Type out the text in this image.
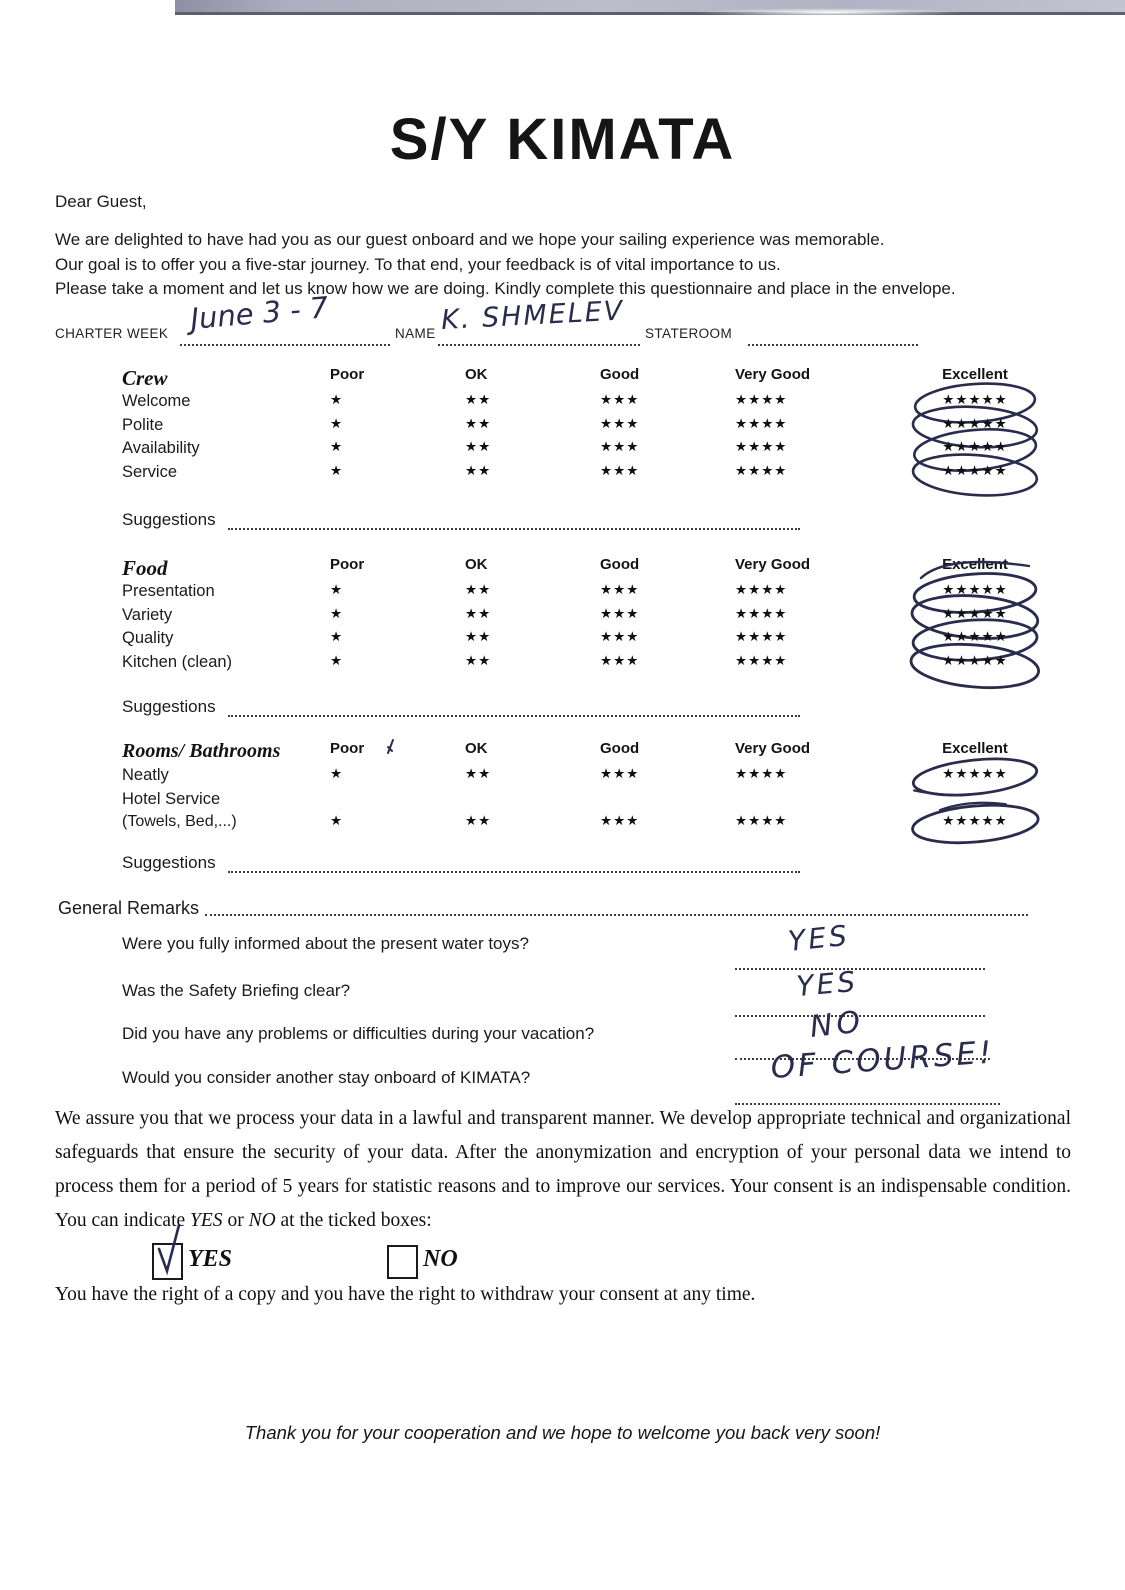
S/Y KIMATA
Dear Guest,
We are delighted to have had you as our guest onboard and we hope your sailing experience was memorable.
Our goal is to offer you a five-star journey. To that end, your feedback is of vital importance to us.
Please take a moment and let us know how we are doing. Kindly complete this questionnaire and place in the envelope.
CHARTER WEEK June 3 - 7	NAME K. SHMELEV STATEROOM
Crew	Poor	OK	Good	Very Good	Excellent
Welcome	★	★★	★★★	★★★★	★★★★★
Polite	★	★★	★★★	★★★★	★★★★★
Availability	★	★★	★★★	★★★★	★★★★★
Service	★	★★	★★★	★★★★	★★★★★
Suggestions
Food	Poor	OK	Good	Very Good	Excellent
Presentation	★	★★	★★★	★★★★	★★★★★
Variety	★	★★	★★★	★★★★	★★★★★
Quality	★	★★	★★★	★★★★	★★★★★
Kitchen (clean)	★	★★	★★★	★★★★	★★★★★
Suggestions
Rooms/ Bathrooms	Poor	OK	Good	Very Good	Excellent
Neatly	★	★★	★★★	★★★★	★★★★★
Hotel Service
(Towels, Bed,...)	★	★★	★★★	★★★★	★★★★★
Suggestions
General Remarks
Were you fully informed about the present water toys?	YES
Was the Safety Briefing clear?	YES
Did you have any problems or difficulties during your vacation?	NO
Would you consider another stay onboard of KIMATA?	OF COURSE!
We assure you that we process your data in a lawful and transparent manner. We develop appropriate technical and organizational safeguards that ensure the security of your data. After the anonymization and encryption of your personal data we intend to process them for a period of 5 years for statistic reasons and to improve our services. Your consent is an indispensable condition. You can indicate YES or NO at the ticked boxes:
YES	NO
You have the right of a copy and you have the right to withdraw your consent at any time.
Thank you for your cooperation and we hope to welcome you back very soon!
